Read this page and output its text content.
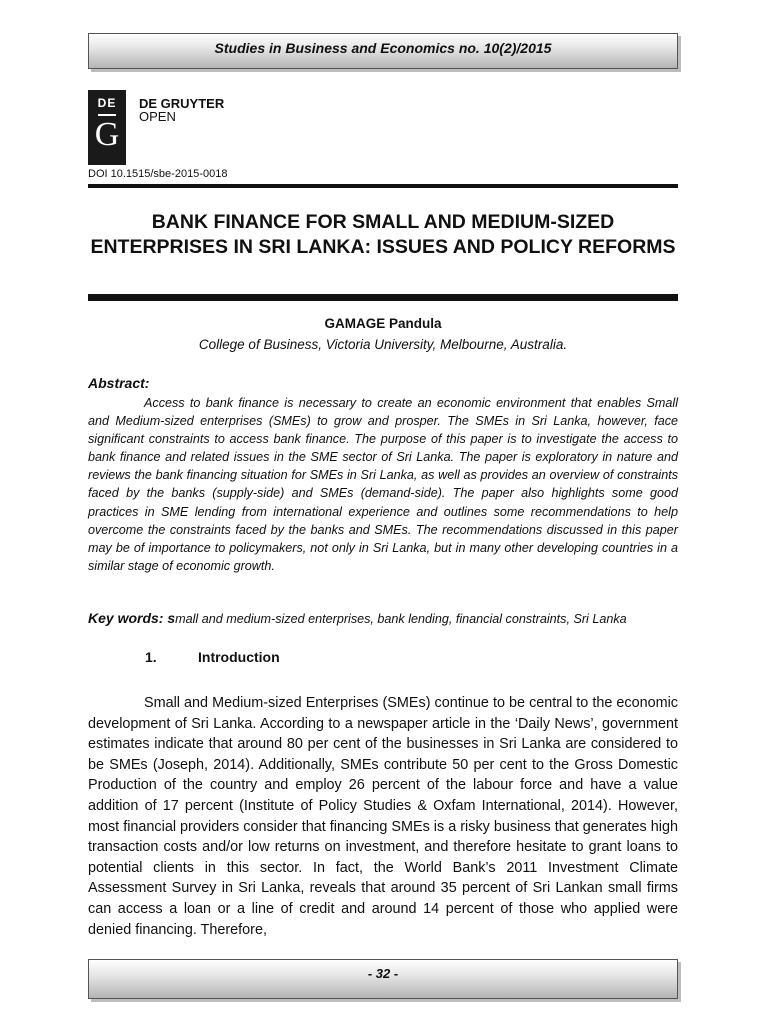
Studies in Business and Economics no. 10(2)/2015
DE
G
DE GRUYTER
OPEN
DOI 10.1515/sbe-2015-0018
BANK FINANCE FOR SMALL AND MEDIUM-SIZED ENTERPRISES IN SRI LANKA: ISSUES AND POLICY REFORMS
GAMAGE Pandula
College of Business, Victoria University, Melbourne, Australia.
Abstract:

Access to bank finance is necessary to create an economic environment that enables Small and Medium-sized enterprises (SMEs) to grow and prosper. The SMEs in Sri Lanka, however, face significant constraints to access bank finance. The purpose of this paper is to investigate the access to bank finance and related issues in the SME sector of Sri Lanka. The paper is exploratory in nature and reviews the bank financing situation for SMEs in Sri Lanka, as well as provides an overview of constraints faced by the banks (supply-side) and SMEs (demand-side). The paper also highlights some good practices in SME lending from international experience and outlines some recommendations to help overcome the constraints faced by the banks and SMEs. The recommendations discussed in this paper may be of importance to policymakers, not only in Sri Lanka, but in many other developing countries in a similar stage of economic growth.

Key words: small and medium-sized enterprises, bank lending, financial constraints, Sri Lanka
1.	Introduction

Small and Medium-sized Enterprises (SMEs) continue to be central to the economic development of Sri Lanka. According to a newspaper article in the ‘Daily News’, government estimates indicate that around 80 per cent of the businesses in Sri Lanka are considered to be SMEs (Joseph, 2014). Additionally, SMEs contribute 50 per cent to the Gross Domestic Production of the country and employ 26 percent of the labour force and have a value addition of 17 percent (Institute of Policy Studies & Oxfam International, 2014). However, most financial providers consider that financing SMEs is a risky business that generates high transaction costs and/or low returns on investment, and therefore hesitate to grant loans to potential clients in this sector. In fact, the World Bank’s 2011 Investment Climate Assessment Survey in Sri Lanka, reveals that around 35 percent of Sri Lankan small firms can access a loan or a line of credit and around 14 percent of those who applied were denied financing. Therefore,

- 32 -
